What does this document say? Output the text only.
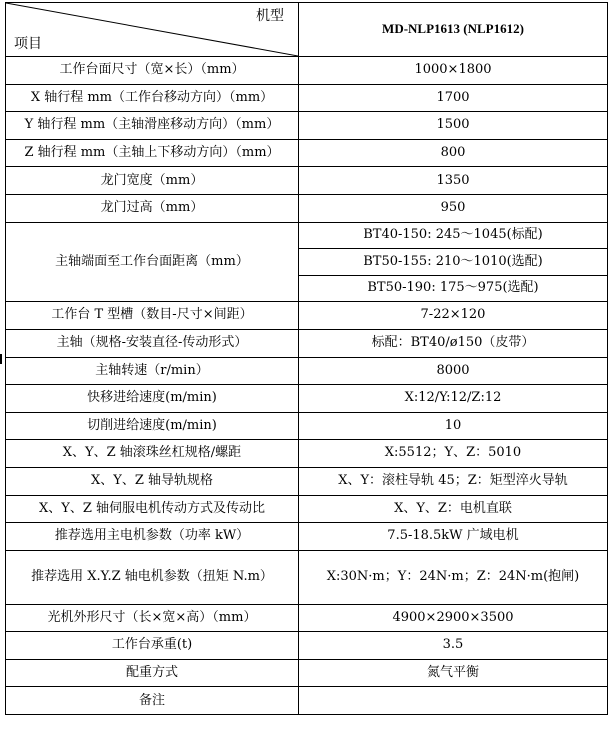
机型
项目	MD-NLP1613 (NLP1612)
工作台面尺寸（宽×长）（mm）	1000×1800
X 轴行程 mm（工作台移动方向）（mm）	1700
Y 轴行程 mm（主轴滑座移动方向）（mm）	1500
Z 轴行程 mm（主轴上下移动方向）（mm）	800
龙门宽度（mm）	1350
龙门过高（mm）	950
主轴端面至工作台面距离（mm）	BT40-150: 245～1045(标配)
	BT50-155: 210～1010(选配)
	BT50-190: 175～975(选配)
工作台 T 型槽（数目-尺寸×间距）	7-22×120
主轴（规格-安装直径-传动形式）	标配：BT40/ø150（皮带）
主轴转速（r/min）	8000
快移进给速度(m/min)	X:12/Y:12/Z:12
切削进给速度(m/min)	10
X、Y、Z 轴滚珠丝杠规格/螺距	X:5512；Y、Z：5010
X、Y、Z 轴导轨规格	X、Y：滚柱导轨 45；Z：矩型淬火导轨
X、Y、Z 轴伺服电机传动方式及传动比	X、Y、Z：电机直联
推荐选用主电机参数（功率 kW）	7.5-18.5kW 广域电机
推荐选用 X.Y.Z 轴电机参数（扭矩 N.m）	X:30N·m；Y：24N·m；Z：24N·m(抱闸)
光机外形尺寸（长×宽×高）（mm）	4900×2900×3500
工作台承重(t)	3.5
配重方式	氮气平衡
备注	
